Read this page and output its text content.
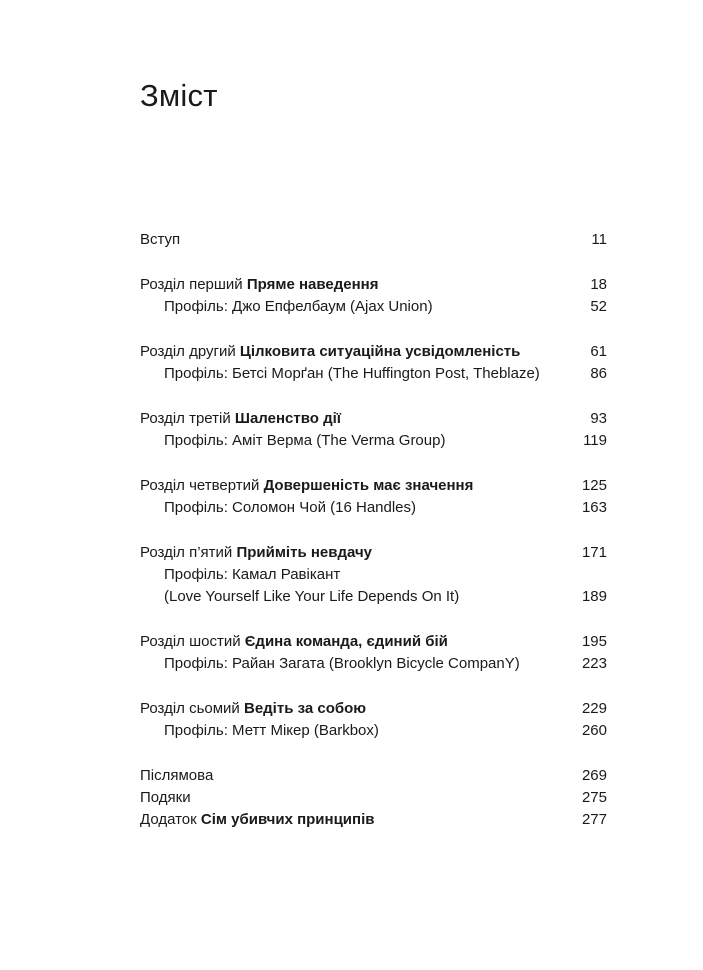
Зміст
Вступ	11
Розділ перший Пряме наведення	18
Профіль: Джо Епфелбаум (Ajax Union)	52
Розділ другий Цілковита ситуаційна усвідомленість	61
Профіль: Бетсі Морґан (The Huffington Post, Theblaze)	86
Розділ третій Шаленство дії	93
Профіль: Аміт Верма (The Verma Group)	119
Розділ четвертий Довершеність має значення	125
Профіль: Соломон Чой (16 Handles)	163
Розділ п’ятий Прийміть невдачу	171
Профіль: Камал Равікант
(Love Yourself Like Your Life Depends On It)	189
Розділ шостий Єдина команда, єдиний бій	195
Профіль: Райан Загата (Brooklyn Bicycle CompanY)	223
Розділ сьомий Ведіть за собою	229
Профіль: Метт Мікер (Barkbox)	260
Післямова	269
Подяки	275
Додаток Сім убивчих принципів	277
